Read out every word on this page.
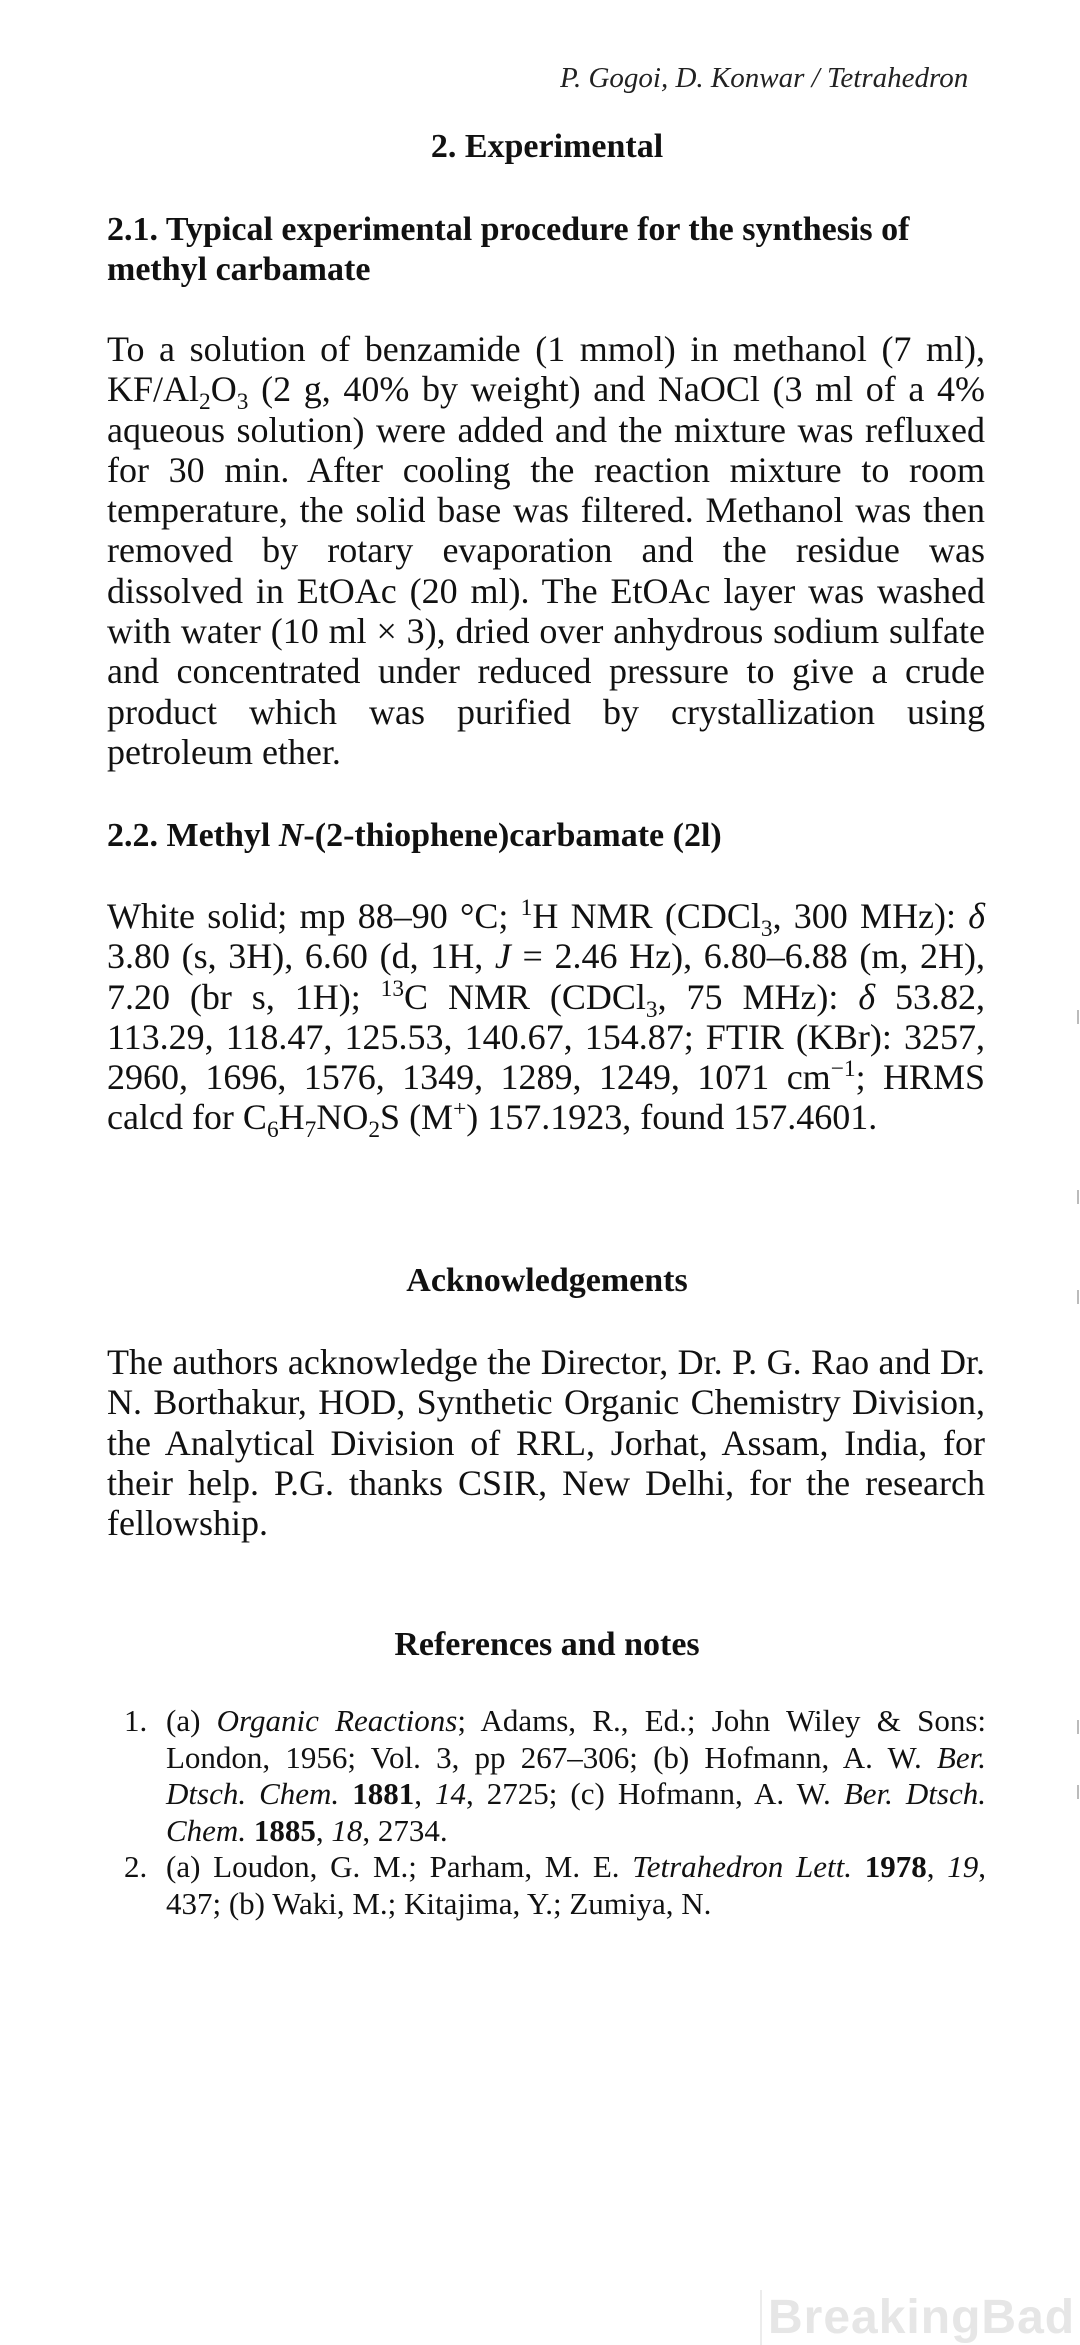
P. Gogoi, D. Konwar / Tetrahedron
2. Experimental
2.1. Typical experimental procedure for the synthesis of methyl carbamate
To a solution of benzamide (1 mmol) in methanol (7 ml), $KF/Al_2O_3$ (2 g, 40% by weight) and NaOCl (3 ml of a 4% aqueous solution) were added and the mixture was refluxed for 30 min. After cooling the reaction mixture to room temperature, the solid base was filtered. Methanol was then removed by rotary evaporation and the residue was dissolved in EtOAc (20 ml). The EtOAc layer was washed with water (10 ml × 3), dried over anhydrous sodium sulfate and concentrated under reduced pressure to give a crude product which was purified by crystallization using petroleum ether.
2.2. Methyl N-(2-thiophene)carbamate (2l)
White solid; mp 88–90 °C; $^1$H NMR (CDCl$_3$, 300 MHz): δ 3.80 (s, 3H), 6.60 (d, 1H, J = 2.46 Hz), 6.80–6.88 (m, 2H), 7.20 (br s, 1H); $^{13}$C NMR (CDCl$_3$, 75 MHz): δ 53.82, 113.29, 118.47, 125.53, 140.67, 154.87; FTIR (KBr): 3257, 2960, 1696, 1576, 1349, 1289, 1249, 1071 $cm^{-1}$; HRMS calcd for $C_6H_7NO_2S$ (M+) 157.1923, found 157.4601.
Acknowledgements
The authors acknowledge the Director, Dr. P. G. Rao and Dr. N. Borthakur, HOD, Synthetic Organic Chemistry Division, the Analytical Division of RRL, Jorhat, Assam, India, for their help. P.G. thanks CSIR, New Delhi, for the research fellowship.
References and notes
1. (a) Organic Reactions; Adams, R., Ed.; John Wiley & Sons: London, 1956; Vol. 3, pp 267–306; (b) Hofmann, A. W. Ber. Dtsch. Chem. 1881, 14, 2725; (c) Hofmann, A. W. Ber. Dtsch. Chem. 1885, 18, 2734.
2. (a) Loudon, G. M.; Parham, M. E. Tetrahedron Lett. 1978, 19, 437; (b) Waki, M.; Kitajima, Y.; Zumiya, N.
BreakingBad
